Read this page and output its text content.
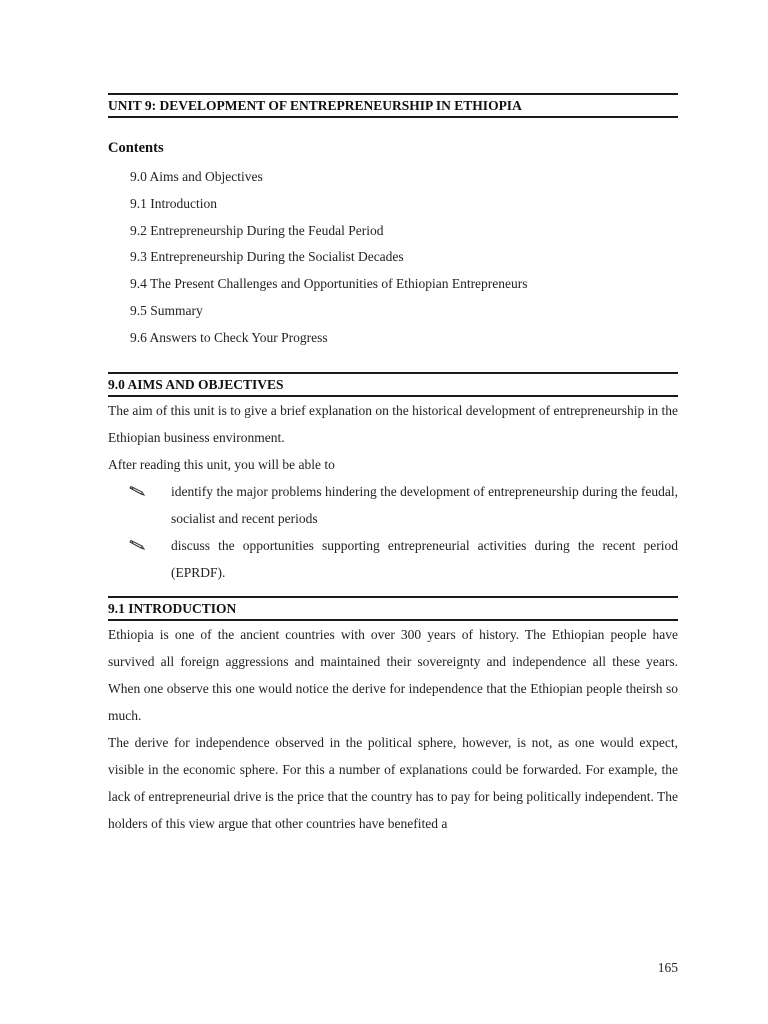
UNIT 9: DEVELOPMENT OF ENTREPRENEURSHIP IN ETHIOPIA
Contents
9.0 Aims and Objectives
9.1 Introduction
9.2 Entrepreneurship During the Feudal Period
9.3 Entrepreneurship During the Socialist Decades
9.4 The Present Challenges and Opportunities of Ethiopian Entrepreneurs
9.5 Summary
9.6 Answers to Check Your Progress
9.0 AIMS AND OBJECTIVES

The aim of this unit is to give a brief explanation on the historical development of entrepreneurship in the Ethiopian business environment.

After reading this unit, you will be able to

identify the major problems hindering the development of entrepreneurship during the feudal, socialist and recent periods
discuss the opportunities supporting entrepreneurial activities during the recent period (EPRDF).
9.1 INTRODUCTION

Ethiopia is one of the ancient countries with over 300 years of history. The Ethiopian people have survived all foreign aggressions and maintained their sovereignty and independence all these years. When one observe this one would notice the derive for independence that the Ethiopian people theirsh so much.

The derive for independence observed in the political sphere, however, is not, as one would expect, visible in the economic sphere. For this a number of explanations could be forwarded. For example, the lack of entrepreneurial drive is the price that the country has to pay for being politically independent. The holders of this view argue that other countries have benefited a

165
